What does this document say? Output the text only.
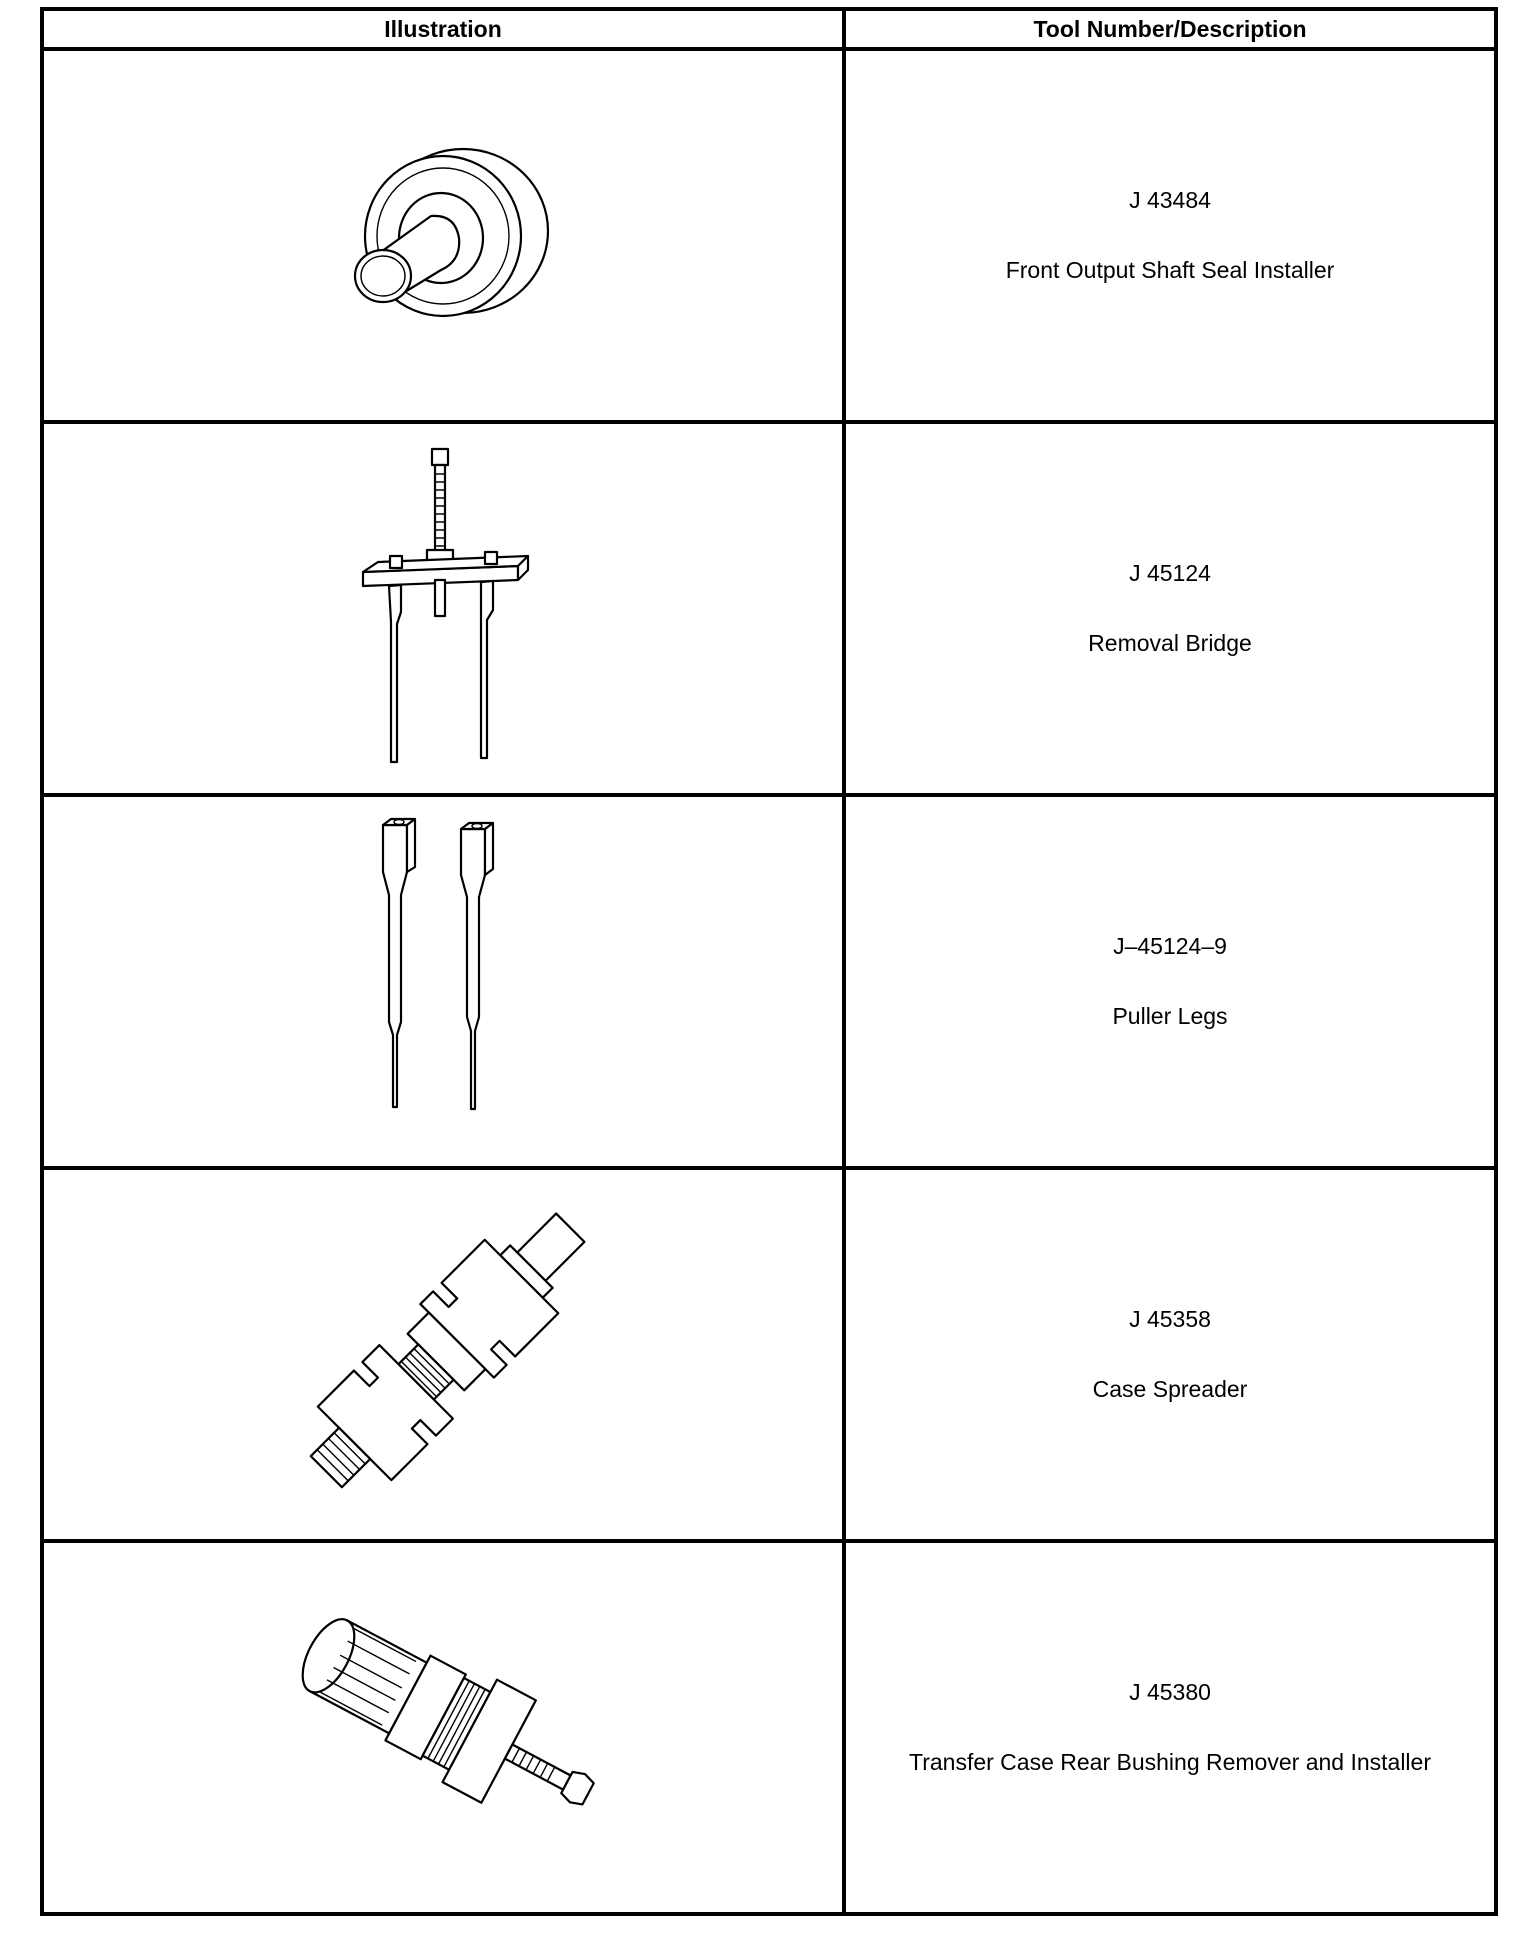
Illustration	Tool Number/Description

J 43484
Front Output Shaft Seal Installer

J 45124
Removal Bridge

J–45124–9
Puller Legs

J 45358
Case Spreader

J 45380
Transfer Case Rear Bushing Remover and Installer
